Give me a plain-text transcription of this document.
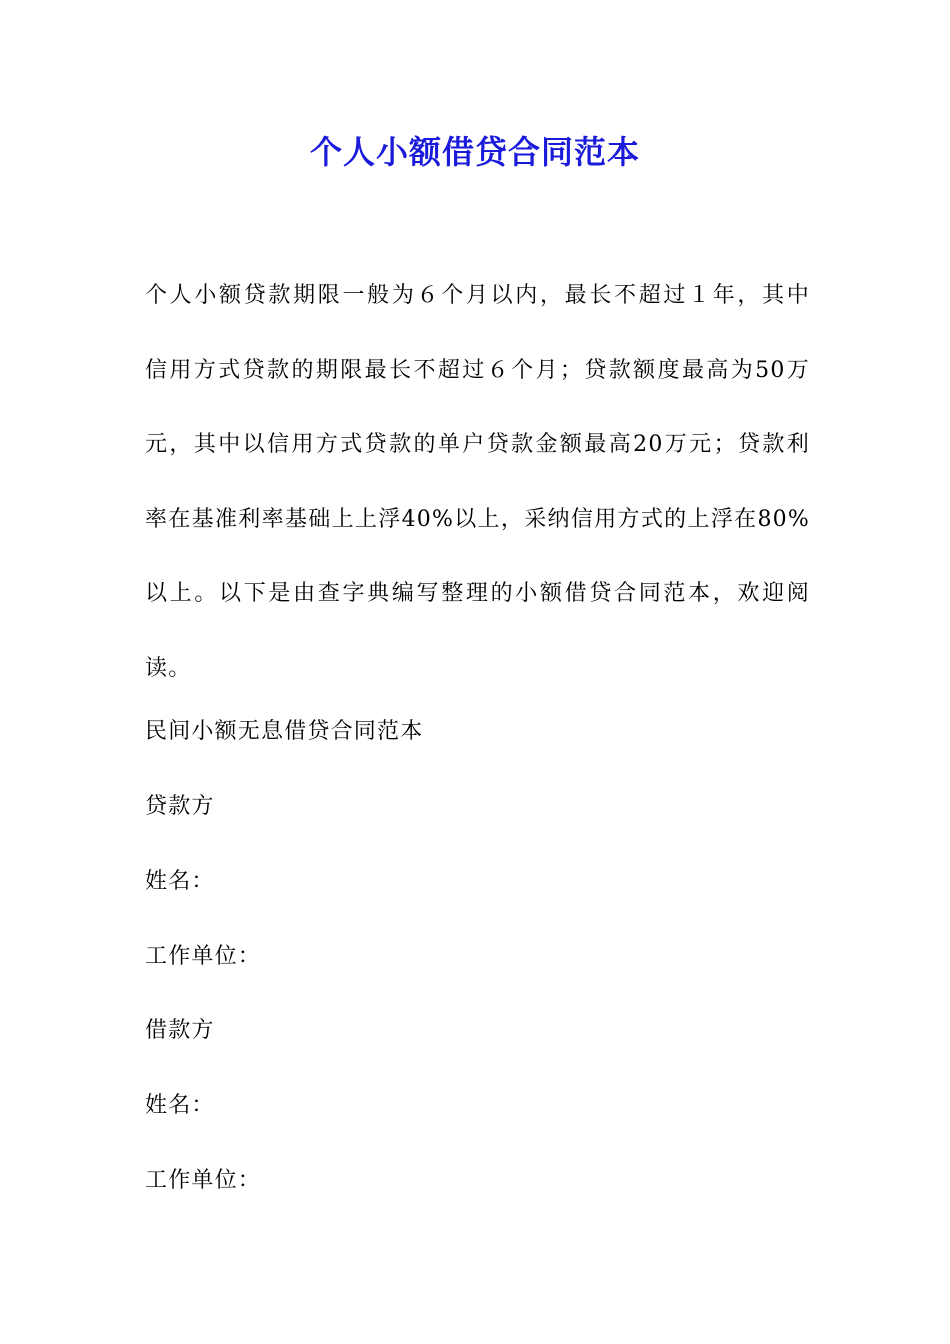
个人小额借贷合同范本
个人小额贷款期限一般为６个月以内，最长不超过１年，其中
信用方式贷款的期限最长不超过６个月；贷款额度最高为50万
元，其中以信用方式贷款的单户贷款金额最高20万元；贷款利
率在基准利率基础上上浮40%以上，采纳信用方式的上浮在80%
以上。以下是由查字典编写整理的小额借贷合同范本，欢迎阅
读。

民间小额无息借贷合同范本

贷款方

姓名：

工作单位：

借款方

姓名：

工作单位：
